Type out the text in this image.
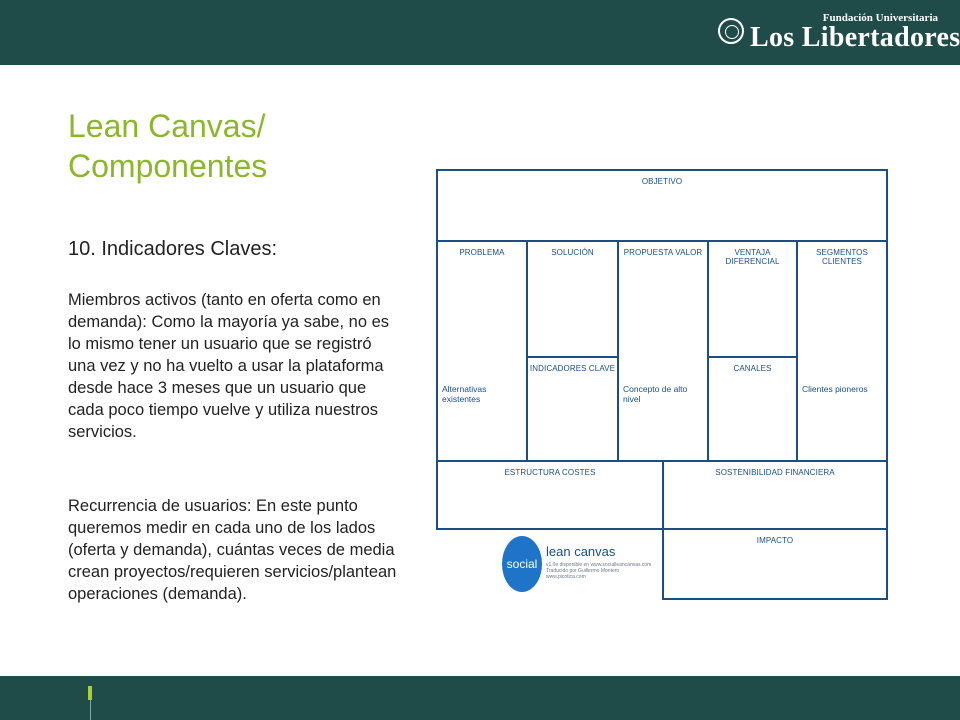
Fundación Universitaria
Los Libertadores
Lean Canvas/
Componentes
10. Indicadores Claves:

Miembros activos (tanto en oferta como en demanda): Como la mayoría ya sabe, no es lo mismo tener un usuario que se registró una vez y no ha vuelto a usar la plataforma desde hace 3 meses que un usuario que cada poco tiempo vuelve y utiliza nuestros servicios.

Recurrencia de usuarios: En este punto queremos medir en cada uno de los lados (oferta y demanda), cuántas veces de media crean proyectos/requieren servicios/plantean operaciones (demanda).

OBJETIVO
PROBLEMA
Alternativas existentes
SOLUCIÓN
INDICADORES CLAVE
PROPUESTA VALOR
Concepto de alto nivel
VENTAJA DIFERENCIAL
CANALES
SEGMENTOS CLIENTES
Clientes pioneros
ESTRUCTURA COSTES	SOSTENIBILIDAD FINANCIERA
IMPACTO
social
lean canvas
v1.0e disponible en www.socialleancanvas.com
Traducido por Guillermo Montero
www.picotica.com
